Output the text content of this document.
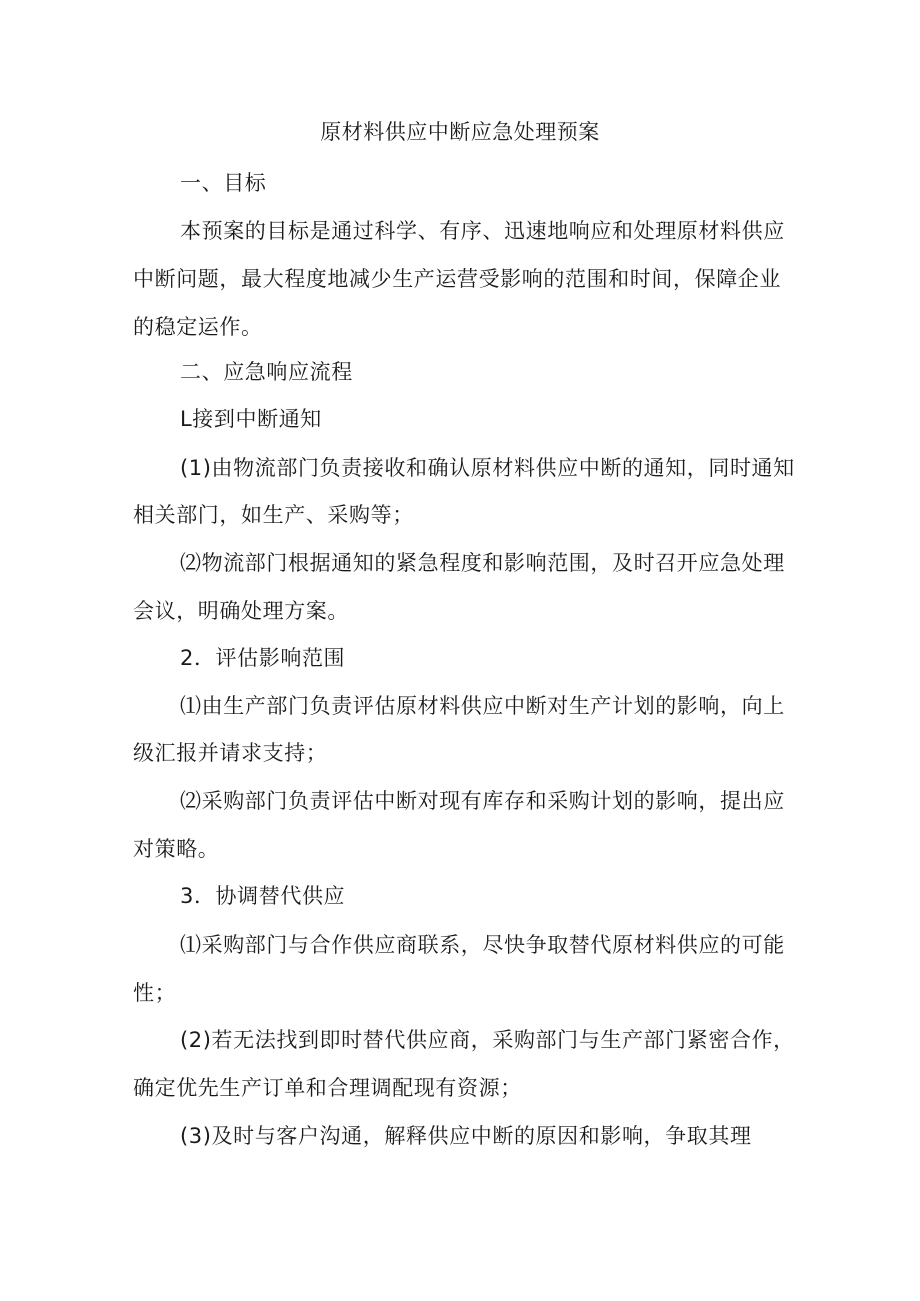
原材料供应中断应急处理预案
一、目标
本预案的目标是通过科学、有序、迅速地响应和处理原材料供应
中断问题，最大程度地减少生产运营受影响的范围和时间，保障企业
的稳定运作。
二、应急响应流程
L接到中断通知
(1)由物流部门负责接收和确认原材料供应中断的通知，同时通知
相关部门，如生产、采购等；
⑵物流部门根据通知的紧急程度和影响范围，及时召开应急处理
会议，明确处理方案。
2．评估影响范围
⑴由生产部门负责评估原材料供应中断对生产计划的影响，向上
级汇报并请求支持；
⑵采购部门负责评估中断对现有库存和采购计划的影响，提出应
对策略。
3．协调替代供应
⑴采购部门与合作供应商联系，尽快争取替代原材料供应的可能
性；
(2)若无法找到即时替代供应商，采购部门与生产部门紧密合作，
确定优先生产订单和合理调配现有资源；
(3)及时与客户沟通，解释供应中断的原因和影响，争取其理
